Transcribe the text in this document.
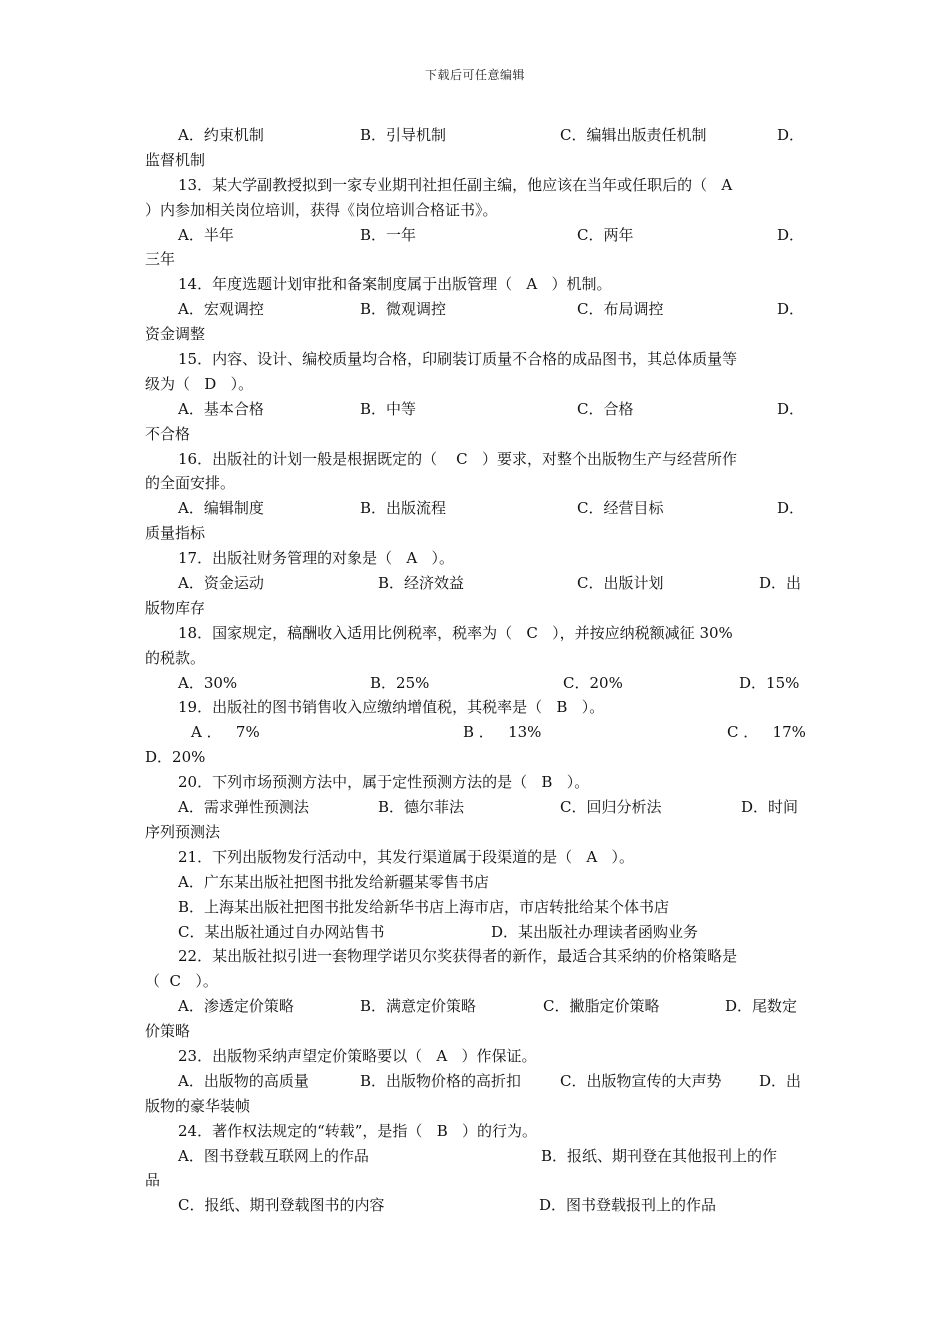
下载后可任意编辑
A．约束机制	B．引导机制	C．编辑出版责任机制	D．
监督机制
13．某大学副教授拟到一家专业期刊社担任副主编，他应该在当年或任职后的（   A
）内参加相关岗位培训，获得《岗位培训合格证书》。
A．半年	B．一年	C．两年	D．
三年
14．年度选题计划审批和备案制度属于出版管理（   A   ）机制。
A．宏观调控	B．微观调控	C．布局调控	D．
资金调整
15．内容、设计、编校质量均合格，印刷装订质量不合格的成品图书，其总体质量等
级为（   D   ）。
A．基本合格	B．中等	C．合格	D．
不合格
16．出版社的计划一般是根据既定的（    C   ）要求，对整个出版物生产与经营所作
的全面安排。
A．编辑制度	B．出版流程	C．经营目标	D．
质量指标
17．出版社财务管理的对象是（   A   ）。
A．资金运动	B．经济效益	C．出版计划	D．出
版物库存
18．国家规定，稿酬收入适用比例税率，税率为（   C   ），并按应纳税额减征 30%
的税款。
A．30%	B．25%	C．20%	D．15%
19．出版社的图书销售收入应缴纳增值税，其税率是（   B   ）。
A ．   7%	B ．   13%	C ．   17%
D．20%
20．下列市场预测方法中，属于定性预测方法的是（   B   ）。
A．需求弹性预测法	B．德尔菲法	C．回归分析法	D．时间
序列预测法
21．下列出版物发行活动中，其发行渠道属于段渠道的是（   A   ）。
A．广东某出版社把图书批发给新疆某零售书店
B．上海某出版社把图书批发给新华书店上海市店，市店转批给某个体书店
C．某出版社通过自办网站售书	D．某出版社办理读者函购业务
22．某出版社拟引进一套物理学诺贝尔奖获得者的新作，最适合其采纳的价格策略是
（  C   ）。
A．渗透定价策略	B．满意定价策略	C．撇脂定价策略	D．尾数定
价策略
23．出版物采纳声望定价策略要以（   A   ）作保证。
A．出版物的高质量	B．出版物价格的高折扣	C．出版物宣传的大声势	D．出
版物的豪华装帧
24．著作权法规定的“转载”，是指（   B   ）的行为。
A．图书登载互联网上的作品	B．报纸、期刊登在其他报刊上的作
品
C．报纸、期刊登载图书的内容	D．图书登载报刊上的作品
